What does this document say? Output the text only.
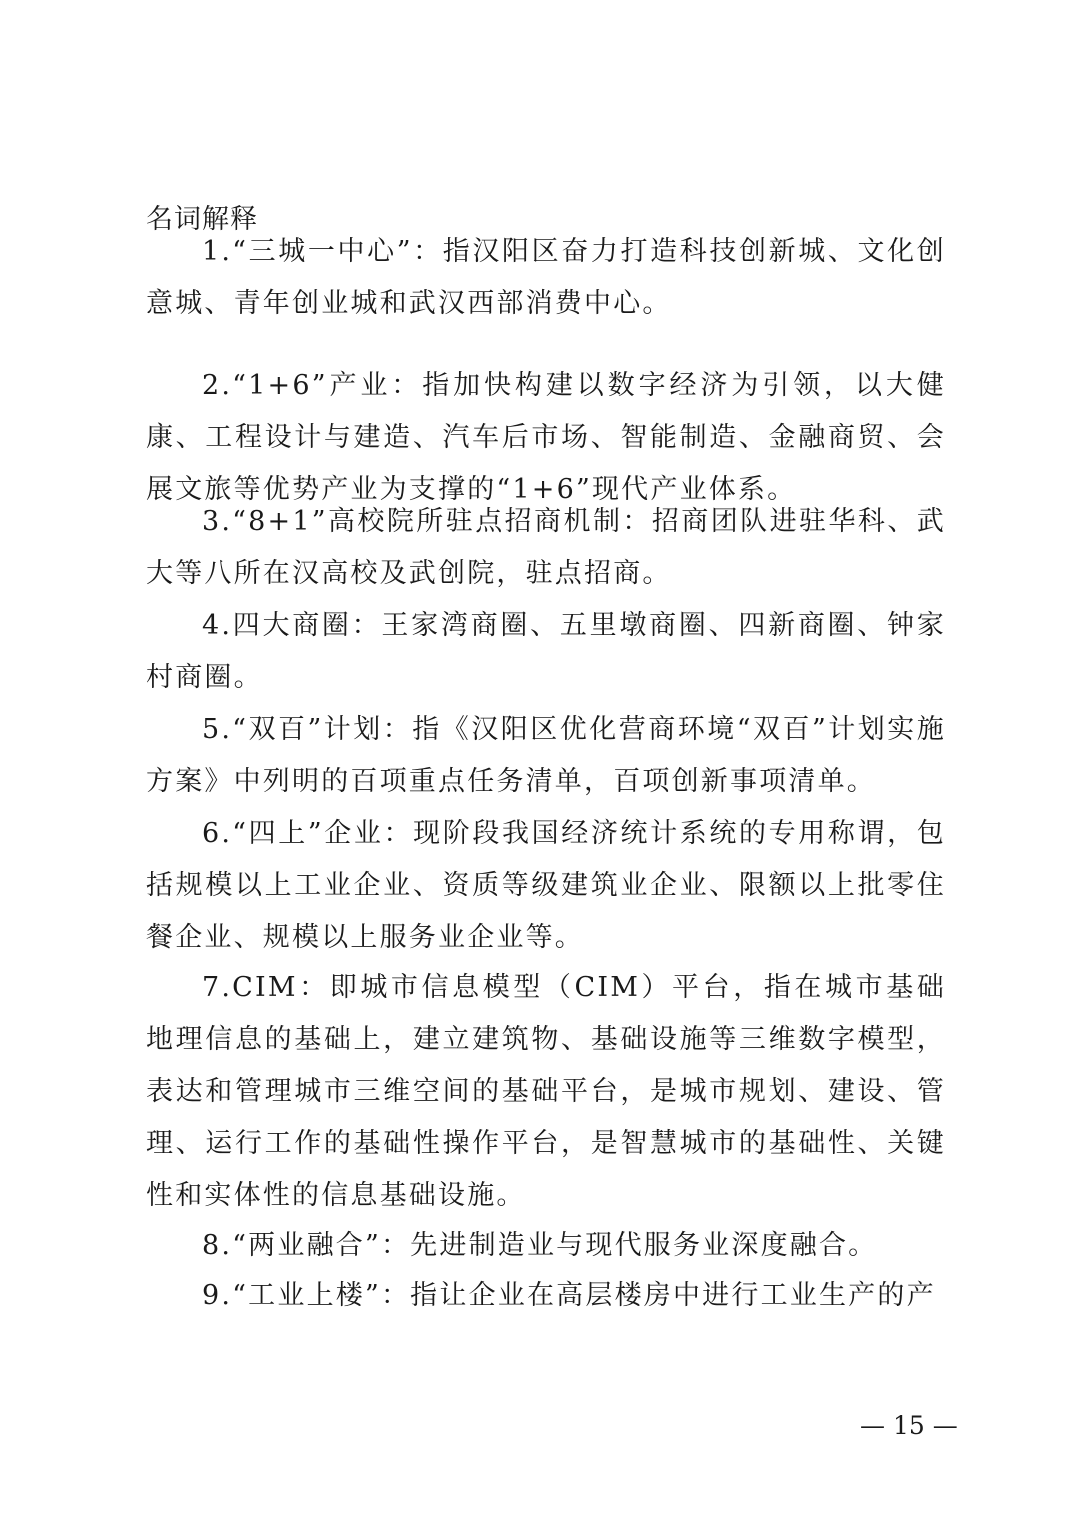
名词解释

1.“三城一中心”：指汉阳区奋力打造科技创新城、文化创意城、青年创业城和武汉西部消费中心。

2.“1+6”产业：指加快构建以数字经济为引领，以大健康、工程设计与建造、汽车后市场、智能制造、金融商贸、会展文旅等优势产业为支撑的“1+6”现代产业体系。

3.“8+1”高校院所驻点招商机制：招商团队进驻华科、武大等八所在汉高校及武创院，驻点招商。

4.四大商圈：王家湾商圈、五里墩商圈、四新商圈、钟家村商圈。

5.“双百”计划：指《汉阳区优化营商环境“双百”计划实施方案》中列明的百项重点任务清单，百项创新事项清单。

6.“四上”企业：现阶段我国经济统计系统的专用称谓，包括规模以上工业企业、资质等级建筑业企业、限额以上批零住餐企业、规模以上服务业企业等。

7.CIM：即城市信息模型（CIM）平台，指在城市基础地理信息的基础上，建立建筑物、基础设施等三维数字模型，表达和管理城市三维空间的基础平台，是城市规划、建设、管理、运行工作的基础性操作平台，是智慧城市的基础性、关键性和实体性的信息基础设施。

8.“两业融合”：先进制造业与现代服务业深度融合。

9.“工业上楼”：指让企业在高层楼房中进行工业生产的产

— 15 —
